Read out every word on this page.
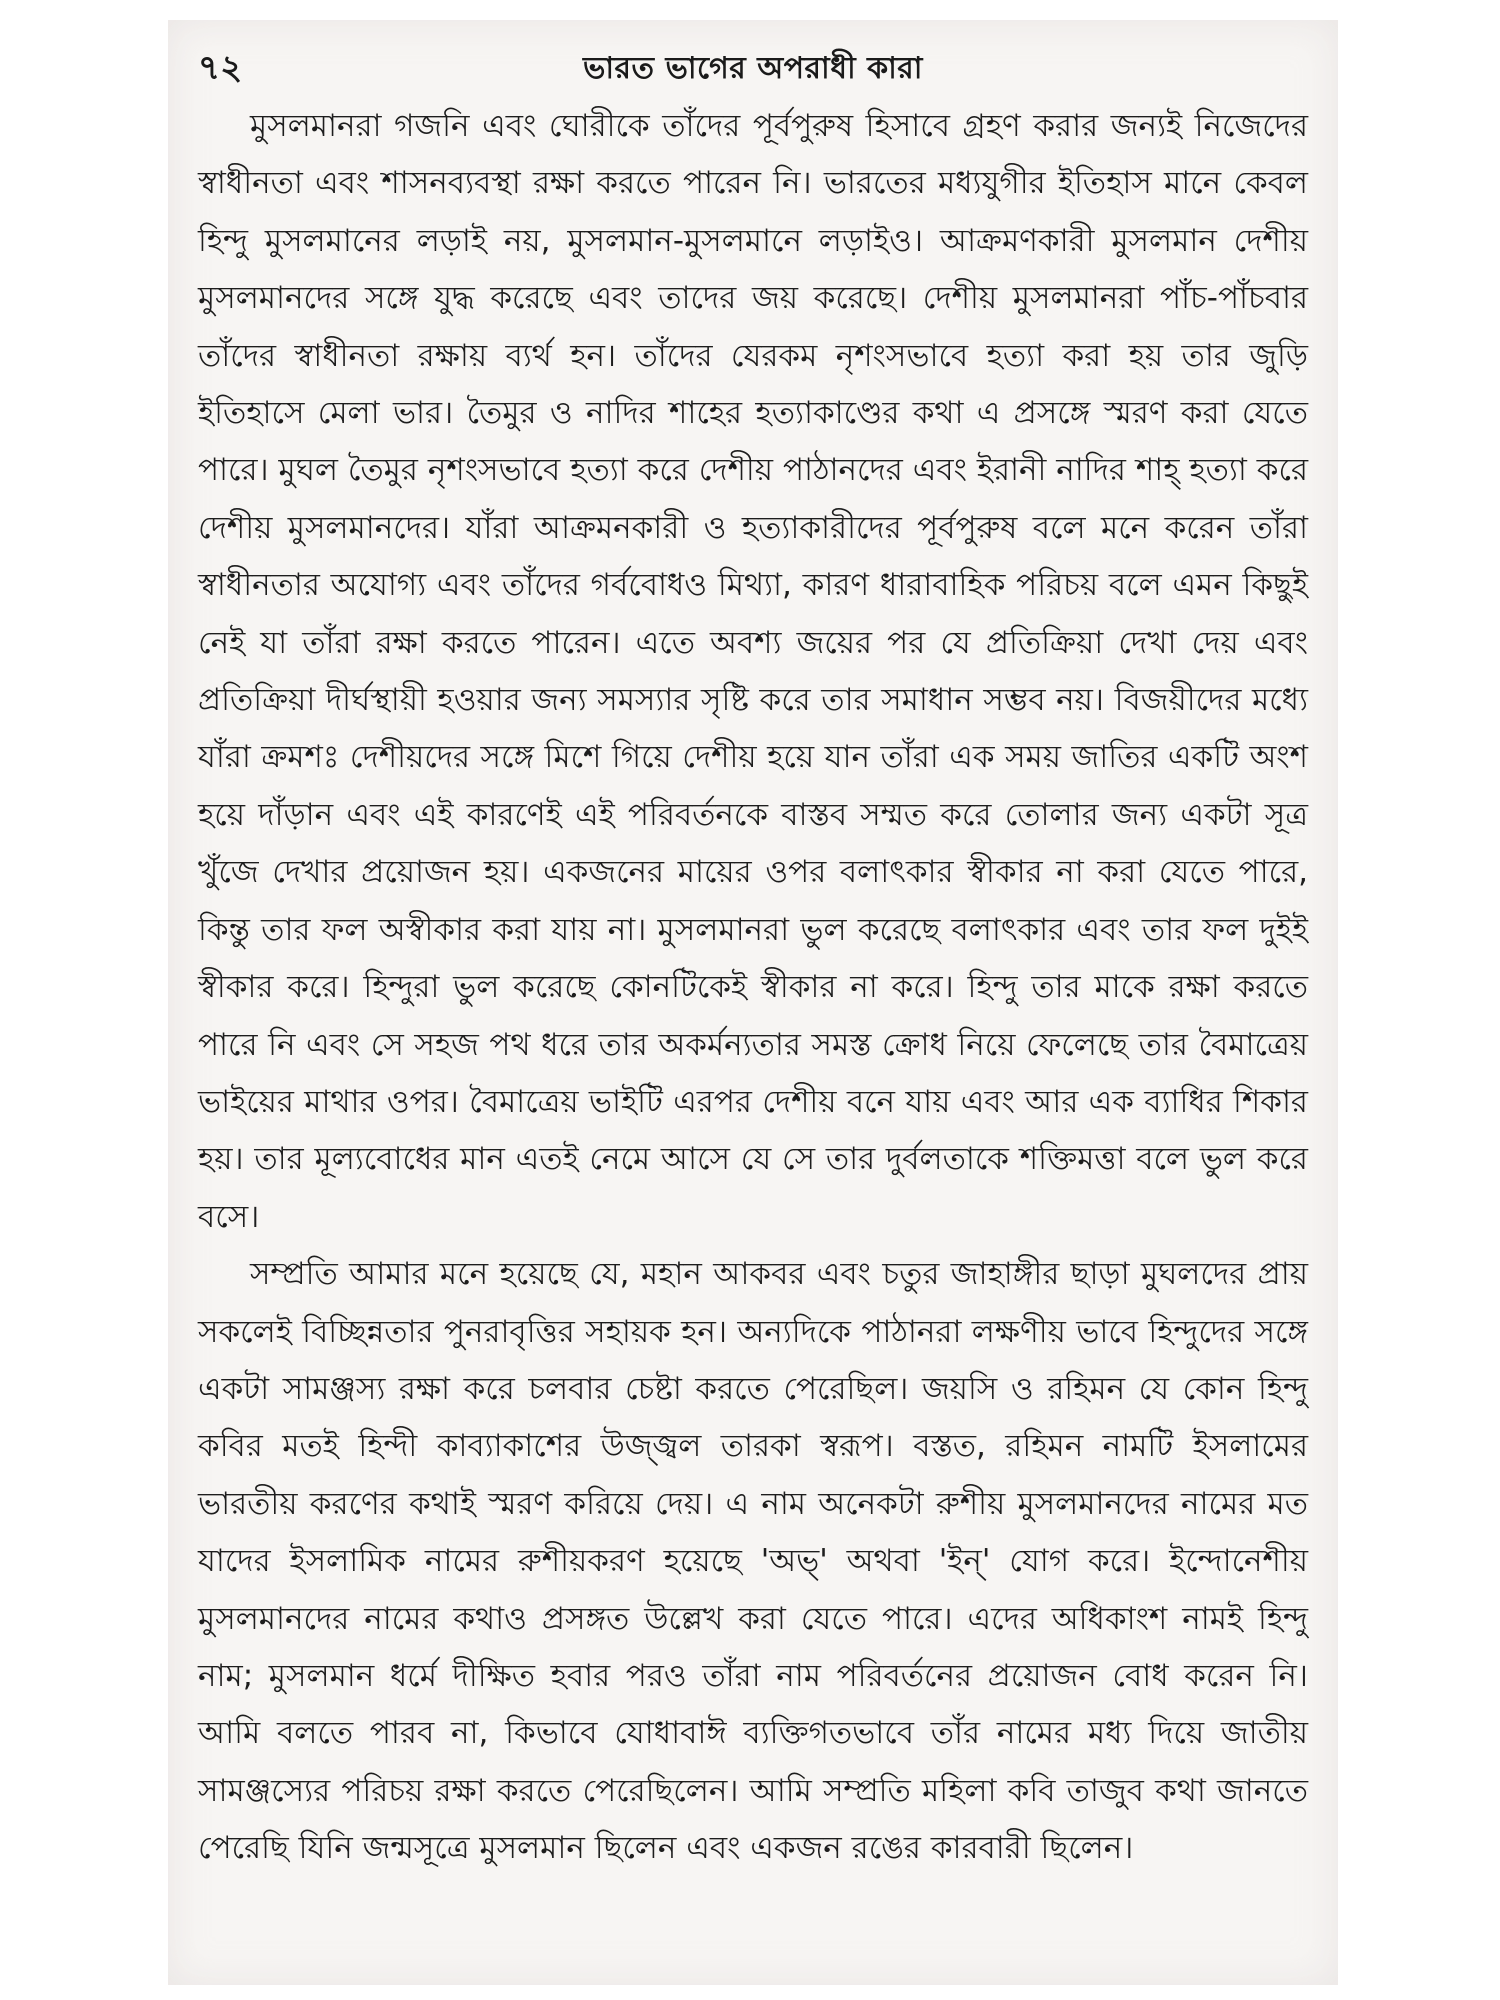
৭২	ভারত ভাগের অপরাধী কারা

মুসলমানরা গজনি এবং ঘোরীকে তাঁদের পূর্বপুরুষ হিসাবে গ্রহণ করার জন্যই নিজেদের স্বাধীনতা এবং শাসনব্যবস্থা রক্ষা করতে পারেন নি। ভারতের মধ্যযুগীর ইতিহাস মানে কেবল হিন্দু মুসলমানের লড়াই নয়, মুসলমান-মুসলমানে লড়াইও। আক্রমণকারী মুসলমান দেশীয় মুসলমানদের সঙ্গে যুদ্ধ করেছে এবং তাদের জয় করেছে। দেশীয় মুসলমানরা পাঁচ-পাঁচবার তাঁদের স্বাধীনতা রক্ষায় ব্যর্থ হন। তাঁদের যেরকম নৃশংসভাবে হত্যা করা হয় তার জুড়ি ইতিহাসে মেলা ভার। তৈমুর ও নাদির শাহের হত্যাকাণ্ডের কথা এ প্রসঙ্গে স্মরণ করা যেতে পারে। মুঘল তৈমুর নৃশংসভাবে হত্যা করে দেশীয় পাঠানদের এবং ইরানী নাদির শাহ্ হত্যা করে দেশীয় মুসলমানদের। যাঁরা আক্রমনকারী ও হত্যাকারীদের পূর্বপুরুষ বলে মনে করেন তাঁরা স্বাধীনতার অযোগ্য এবং তাঁদের গর্ববোধও মিথ্যা, কারণ ধারাবাহিক পরিচয় বলে এমন কিছুই নেই যা তাঁরা রক্ষা করতে পারেন। এতে অবশ্য জয়ের পর যে প্রতিক্রিয়া দেখা দেয় এবং প্রতিক্রিয়া দীর্ঘস্থায়ী হওয়ার জন্য সমস্যার সৃষ্টি করে তার সমাধান সম্ভব নয়। বিজয়ীদের মধ্যে যাঁরা ক্রমশঃ দেশীয়দের সঙ্গে মিশে গিয়ে দেশীয় হয়ে যান তাঁরা এক সময় জাতির একটি অংশ হয়ে দাঁড়ান এবং এই কারণেই এই পরিবর্তনকে বাস্তব সম্মত করে তোলার জন্য একটা সূত্র খুঁজে দেখার প্রয়োজন হয়। একজনের মায়ের ওপর বলাৎকার স্বীকার না করা যেতে পারে, কিন্তু তার ফল অস্বীকার করা যায় না। মুসলমানরা ভুল করেছে বলাৎকার এবং তার ফল দুইই স্বীকার করে। হিন্দুরা ভুল করেছে কোনটিকেই স্বীকার না করে। হিন্দু তার মাকে রক্ষা করতে পারে নি এবং সে সহজ পথ ধরে তার অকর্মন্যতার সমস্ত ক্রোধ নিয়ে ফেলেছে তার বৈমাত্রেয় ভাইয়ের মাথার ওপর। বৈমাত্রেয় ভাইটি এরপর দেশীয় বনে যায় এবং আর এক ব্যাধির শিকার হয়। তার মূল্যবোধের মান এতই নেমে আসে যে সে তার দুর্বলতাকে শক্তিমত্তা বলে ভুল করে বসে।

সম্প্রতি আমার মনে হয়েছে যে, মহান আকবর এবং চতুর জাহাঙ্গীর ছাড়া মুঘলদের প্রায় সকলেই বিচ্ছিন্নতার পুনরাবৃত্তির সহায়ক হন। অন্যদিকে পাঠানরা লক্ষণীয় ভাবে হিন্দুদের সঙ্গে একটা সামঞ্জস্য রক্ষা করে চলবার চেষ্টা করতে পেরেছিল। জয়সি ও রহিমন যে কোন হিন্দু কবির মতই হিন্দী কাব্যাকাশের উজ্জ্বল তারকা স্বরূপ। বস্তত, রহিমন নামটি ইসলামের ভারতীয় করণের কথাই স্মরণ করিয়ে দেয়। এ নাম অনেকটা রুশীয় মুসলমানদের নামের মত যাদের ইসলামিক নামের রুশীয়করণ হয়েছে 'অভ্' অথবা 'ইন্' যোগ করে। ইন্দোনেশীয় মুসলমানদের নামের কথাও প্রসঙ্গত উল্লেখ করা যেতে পারে। এদের অধিকাংশ নামই হিন্দু নাম; মুসলমান ধর্মে দীক্ষিত হবার পরও তাঁরা নাম পরিবর্তনের প্রয়োজন বোধ করেন নি। আমি বলতে পারব না, কিভাবে যোধাবাঈ ব্যক্তিগতভাবে তাঁর নামের মধ্য দিয়ে জাতীয় সামঞ্জস্যের পরিচয় রক্ষা করতে পেরেছিলেন। আমি সম্প্রতি মহিলা কবি তাজুব কথা জানতে পেরেছি যিনি জন্মসূত্রে মুসলমান ছিলেন এবং একজন রঙের কারবারী ছিলেন।
